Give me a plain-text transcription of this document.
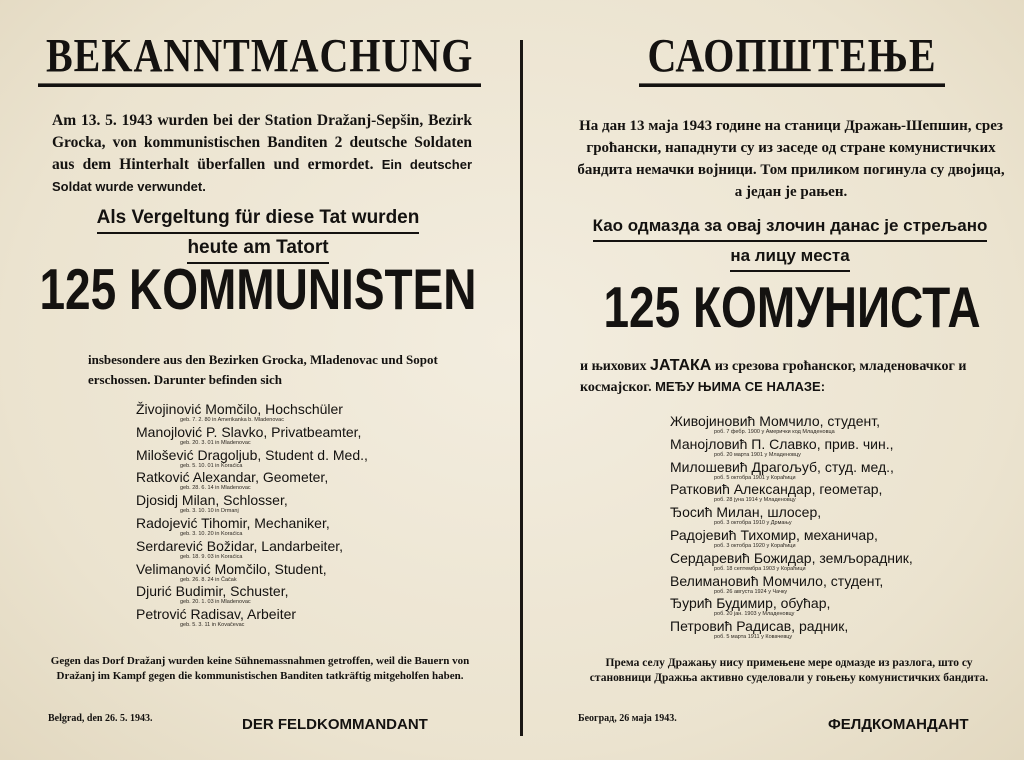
BEKANNTMACHUNG
Am 13. 5. 1943 wurden bei der Station Dražanj-Sepšin, Bezirk Grocka, von kommunistischen Banditen 2 deutsche Soldaten aus dem Hinterhalt überfallen und ermordet. Ein deutscher Soldat wurde verwundet.
Als Vergeltung für diese Tat wurden
heute am Tatort
125 KOMMUNISTEN
insbesondere aus den Bezirken Grocka, Mladenovac und Sopot erschossen. Darunter befinden sich
Živojinović Momčilo, Hochschüler
geb. 7. 2. 80 in Amerikanka b. Mladenovac
Manojlović P. Slavko, Privatbeamter,
geb. 20. 3. 01 in Mladenovac
Milošević Dragoljub, Student d. Med.,
geb. 5. 10. 01 in Koraćica
Ratković Alexandar, Geometer,
geb. 28. 6. 14 in Mladenovac
Djosidj Milan, Schlosser,
geb. 3. 10. 10 in Drmanj
Radojević Tihomir, Mechaniker,
geb. 3. 10. 20 in Koraćica
Serdarević Božidar, Landarbeiter,
geb. 18. 9. 03 in Koraćica
Velimanović Momčilo, Student,
geb. 26. 8. 24 in Čačak
Djurić Budimir, Schuster,
geb. 20. 1. 03 in Mladenovac
Petrović Radisav, Arbeiter
geb. 5. 3. 11 in Kovačevac
Gegen das Dorf Dražanj wurden keine Sühnemassnahmen getroffen, weil die Bauern von Dražanj im Kampf gegen die kommunistischen Banditen tatkräftig mitgeholfen haben.
Belgrad, den 26. 5. 1943.	DER FELDKOMMANDANT
САОПШТЕЊЕ
На дан 13 маја 1943 године на станици Дражањ-Шепшин, срез гроћански, нападнути су из заседе од стране комунистичких бандита немачки војници. Том приликом погинула су двојица, а један је рањен.
Као одмазда за овај злочин данас је стрељано
на лицу места
125 КОМУНИСТА
и њихових ЈАТАКА из срезова гроћанског, младеновачког и космајског. МЕЂУ ЊИМА СЕ НАЛАЗЕ:
Живојиновић Момчило, студент,
роб. 7 фебр. 1900 у Амерички код Младеновца
Манојловић П. Славко, прив. чин.,
роб. 20 марта 1901 у Младеновцу
Милошевић Драгољуб, студ. мед.,
роб. 5 октобра 1901 у Кораћици
Ратковић Александар, геометар,
роб. 28 јуна 1914 у Младеновцу
Ђосић Милан, шлосер,
роб. 3 октобра 1910 у Дрмању
Радојевић Тихомир, механичар,
роб. 3 октобра 1920 у Кораћици
Сердаревић Божидар, земљорадник,
роб. 18 септембра 1903 у Кораћици
Велимановић Момчило, студент,
роб. 26 августа 1924 у Чачку
Ђурић Будимир, обућар,
роб. 20 јан. 1903 у Младеновцу
Петровић Радисав, радник,
роб. 5 марта 1911 у Ковачевцу
Према селу Дражању нису примењене мере одмазде из разлога, што су становници Дражња активно суделовали у гоњењу комунистичких бандита.
Београд, 26 маја 1943.	ФЕЛДКОМАНДАНТ
